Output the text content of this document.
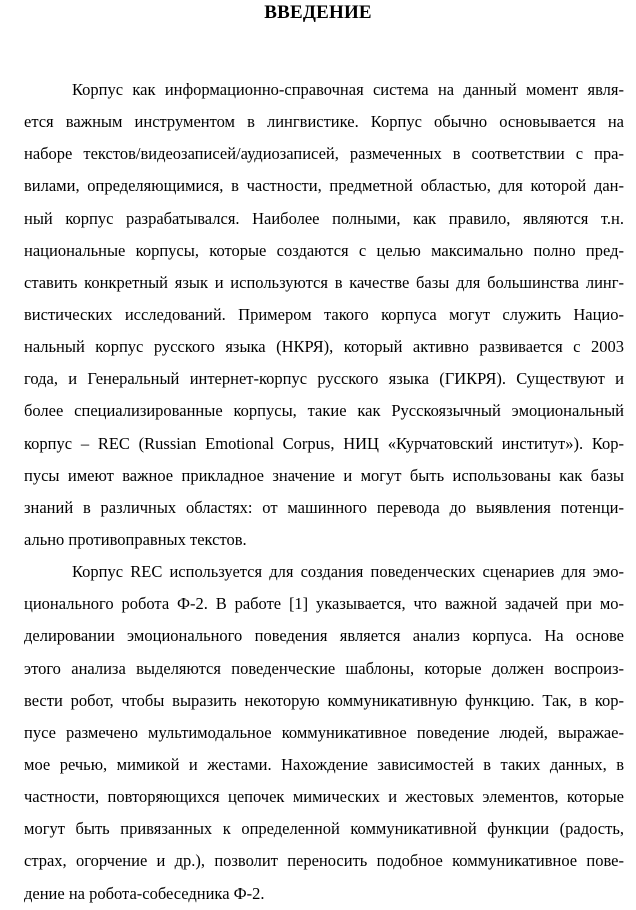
ВВЕДЕНИЕ
Корпус как информационно-справочная система на данный момент явля-
ется важным инструментом в лингвистике. Корпус обычно основывается на
наборе текстов/видеозаписей/аудиозаписей, размеченных в соответствии с пра-
вилами, определяющимися, в частности, предметной областью, для которой дан-
ный корпус разрабатывался. Наиболее полными, как правило, являются т.н.
национальные корпусы, которые создаются с целью максимально полно пред-
ставить конкретный язык и используются в качестве базы для большинства линг-
вистических исследований. Примером такого корпуса могут служить Нацио-
нальный корпус русского языка (НКРЯ), который активно развивается с 2003
года, и Генеральный интернет-корпус русского языка (ГИКРЯ). Существуют и
более специализированные корпусы, такие как Русскоязычный эмоциональный
корпус – REC (Russian Emotional Corpus, НИЦ «Курчатовский институт»). Кор-
пусы имеют важное прикладное значение и могут быть использованы как базы
знаний в различных областях: от машинного перевода до выявления потенци-
ально противоправных текстов.
Корпус REC используется для создания поведенческих сценариев для эмо-
ционального робота Ф-2. В работе [1] указывается, что важной задачей при мо-
делировании эмоционального поведения является анализ корпуса. На основе
этого анализа выделяются поведенческие шаблоны, которые должен воспроиз-
вести робот, чтобы выразить некоторую коммуникативную функцию. Так, в кор-
пусе размечено мультимодальное коммуникативное поведение людей, выражае-
мое речью, мимикой и жестами. Нахождение зависимостей в таких данных, в
частности, повторяющихся цепочек мимических и жестовых элементов, которые
могут быть привязанных к определенной коммуникативной функции (радость,
страх, огорчение и др.), позволит переносить подобное коммуникативное пове-
дение на робота-собеседника Ф-2.
